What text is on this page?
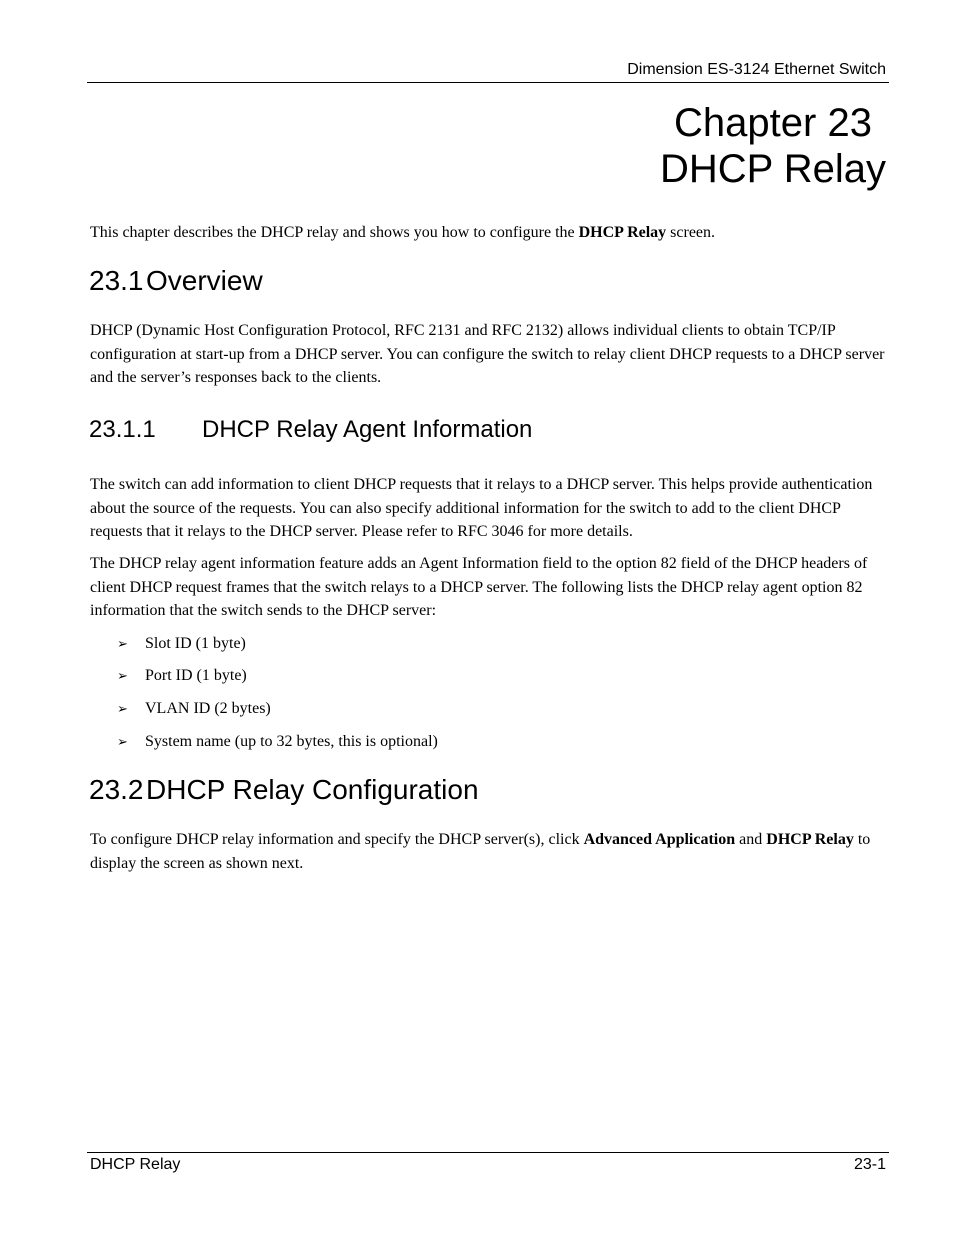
Dimension ES-3124 Ethernet Switch
Chapter 23
DHCP Relay
This chapter describes the DHCP relay and shows you how to configure the DHCP Relay screen.
23.1Overview
DHCP (Dynamic Host Configuration Protocol, RFC 2131 and RFC 2132) allows individual clients to obtain TCP/IP configuration at start-up from a DHCP server. You can configure the switch to relay client DHCP requests to a DHCP server and the server’s responses back to the clients.
23.1.1 DHCP Relay Agent Information
The switch can add information to client DHCP requests that it relays to a DHCP server. This helps provide authentication about the source of the requests. You can also specify additional information for the switch to add to the client DHCP requests that it relays to the DHCP server. Please refer to RFC 3046 for more details.
The DHCP relay agent information feature adds an Agent Information field to the option 82 field of the DHCP headers of client DHCP request frames that the switch relays to a DHCP server. The following lists the DHCP relay agent option 82 information that the switch sends to the DHCP server:
➢ Slot ID (1 byte)
➢ Port ID (1 byte)
➢ VLAN ID (2 bytes)
➢ System name (up to 32 bytes, this is optional)
23.2DHCP Relay Configuration
To configure DHCP relay information and specify the DHCP server(s), click Advanced Application and DHCP Relay to display the screen as shown next.
DHCP Relay	23-1
